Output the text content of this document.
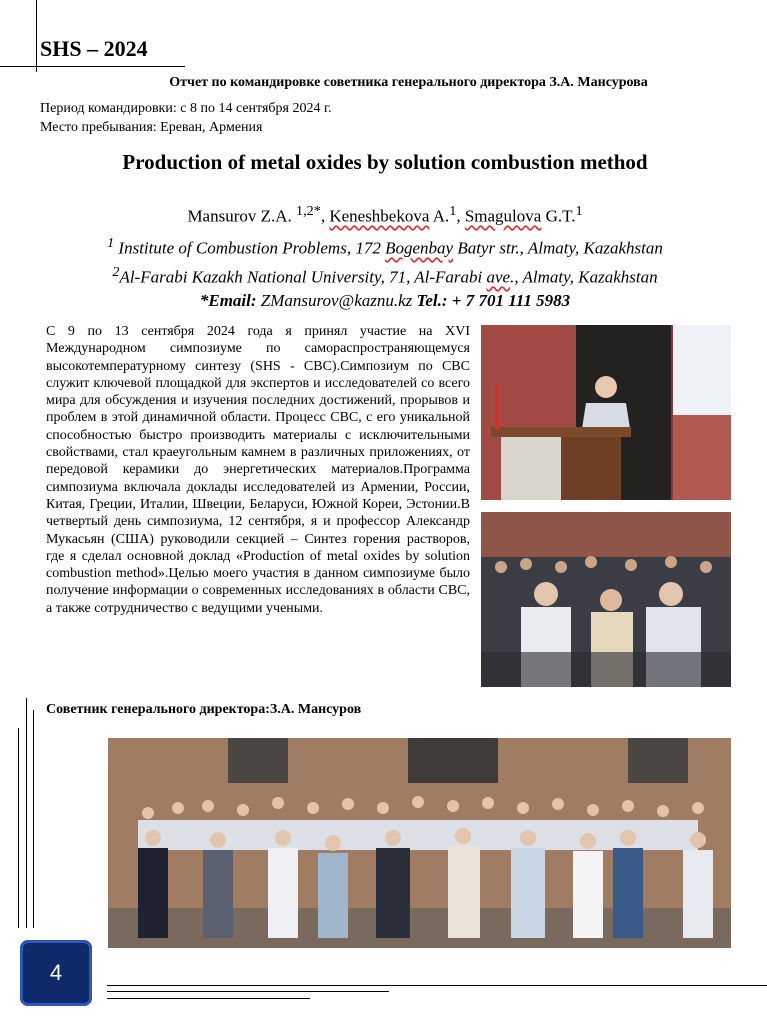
SHS – 2024
Отчет по командировке советника генерального директора З.А. Мансурова
Период командировки: с 8 по 14 сентября 2024 г.
Место пребывания: Ереван, Армения
Production of metal oxides by solution combustion method
Mansurov Z.A. $^{1,2*}$, Keneshbekova A.$^1$, Smagulova G.T.$^1$
$^1$ Institute of Combustion Problems, 172 Bogenbay Batyr str., Almaty, Kazakhstan
$^2$Al-Farabi Kazakh National University, 71, Al-Farabi ave., Almaty, Kazakhstan
*Email: ZMansurov@kaznu.kz Tel.: + 7 701 111 5983
С 9 по 13 сентября 2024 года я принял участие на XVI Международном симпозиуме по самораспространяющемуся высокотемпературному синтезу (SHS - СВС).Симпозиум по СВС служит ключевой площадкой для экспертов и исследователей со всего мира для обсуждения и изучения последних достижений, прорывов и проблем в этой динамичной области. Процесс СВС, с его уникальной способностью быстро производить материалы с исключительными свойствами, стал краеугольным камнем в различных приложениях, от передовой керамики до энергетических материалов.Программа симпозиума включала доклады исследователей из Армении, России, Китая, Греции, Италии, Швеции, Беларуси, Южной Кореи, Эстонии.В четвертый день симпозиума, 12 сентября, я и профессор Александр Мукасьян (США) руководили секцией – Синтез горения растворов, где я сделал основной доклад «Production of metal oxides by solution combustion method».Целью моего участия в данном симпозиуме было получение информации о современных исследованиях в области СВС, а также сотрудничество с ведущими учеными.
Советник генерального директора:З.А. Мансуров
4
